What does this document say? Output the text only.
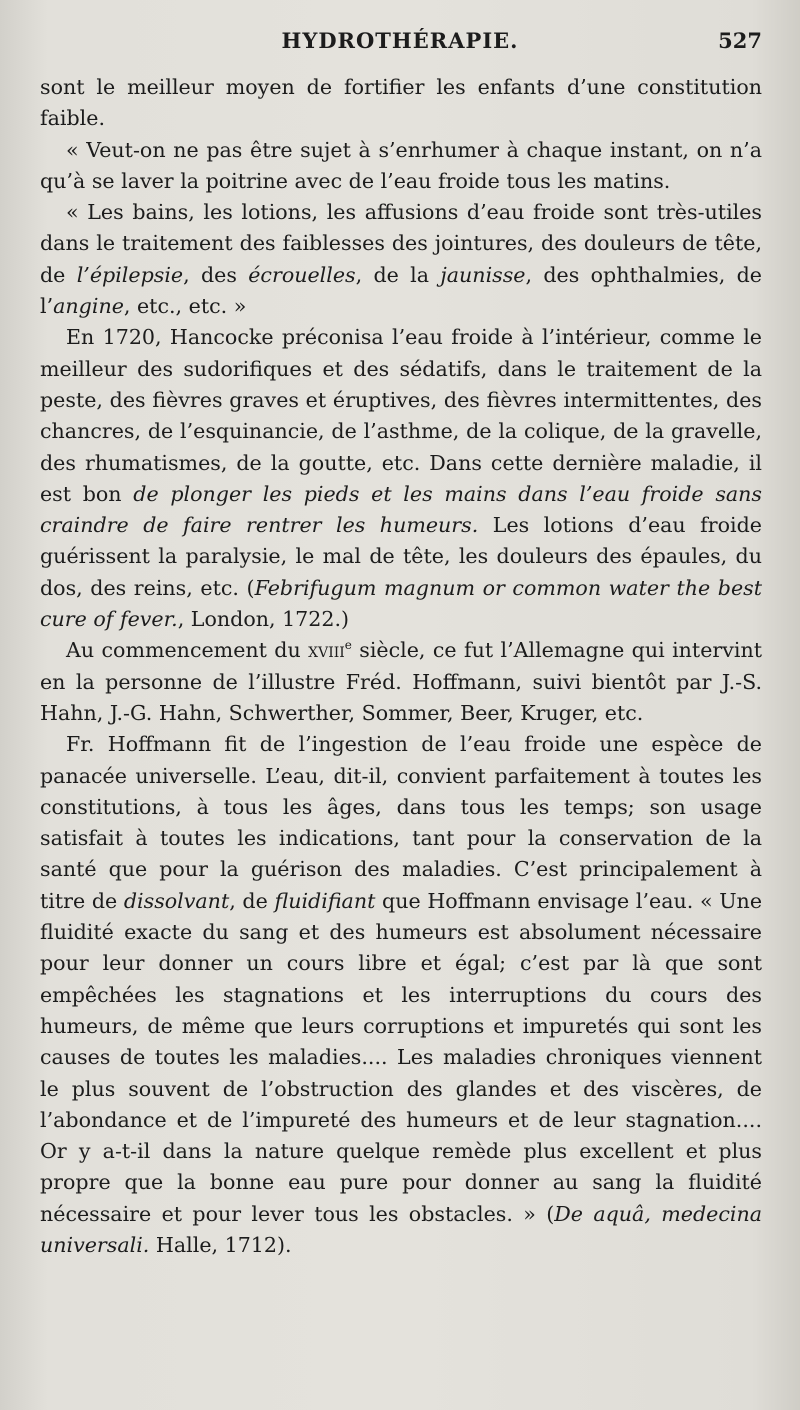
HYDROTHÉRAPIE.	527

sont le meilleur moyen de fortifier les enfants d’une constitution faible.

« Veut-on ne pas être sujet à s’enrhumer à chaque instant, on n’a qu’à se laver la poitrine avec de l’eau froide tous les matins.

« Les bains, les lotions, les affusions d’eau froide sont très-utiles dans le traitement des faiblesses des jointures, des douleurs de tête, de l’épilepsie, des écrouelles, de la jaunisse, des ophthalmies, de l’angine, etc., etc. »

En 1720, Hancocke préconisa l’eau froide à l’intérieur, comme le meilleur des sudorifiques et des sédatifs, dans le traitement de la peste, des fièvres graves et éruptives, des fièvres intermittentes, des chancres, de l’esquinancie, de l’asthme, de la colique, de la gravelle, des rhumatismes, de la goutte, etc. Dans cette dernière maladie, il est bon de plonger les pieds et les mains dans l’eau froide sans craindre de faire rentrer les humeurs. Les lotions d’eau froide guérissent la paralysie, le mal de tête, les douleurs des épaules, du dos, des reins, etc. (Febrifugum magnum or common water the best cure of fever., London, 1722.)

Au commencement du xviii$^e$ siècle, ce fut l’Allemagne qui intervint en la personne de l’illustre Fréd. Hoffmann, suivi bientôt par J.-S. Hahn, J.-G. Hahn, Schwerther, Sommer, Beer, Kruger, etc.

Fr. Hoffmann fit de l’ingestion de l’eau froide une espèce de panacée universelle. L’eau, dit-il, convient parfaitement à toutes les constitutions, à tous les âges, dans tous les temps; son usage satisfait à toutes les indications, tant pour la conservation de la santé que pour la guérison des maladies. C’est principalement à titre de dissolvant, de fluidifiant que Hoffmann envisage l’eau. « Une fluidité exacte du sang et des humeurs est absolument nécessaire pour leur donner un cours libre et égal; c’est par là que sont empêchées les stagnations et les interruptions du cours des humeurs, de même que leurs corruptions et impuretés qui sont les causes de toutes les maladies.... Les maladies chroniques viennent le plus souvent de l’obstruction des glandes et des viscères, de l’abondance et de l’impureté des humeurs et de leur stagnation.... Or y a-t-il dans la nature quelque remède plus excellent et plus propre que la bonne eau pure pour donner au sang la fluidité nécessaire et pour lever tous les obstacles. » (De aquâ, medecina universali. Halle, 1712).
